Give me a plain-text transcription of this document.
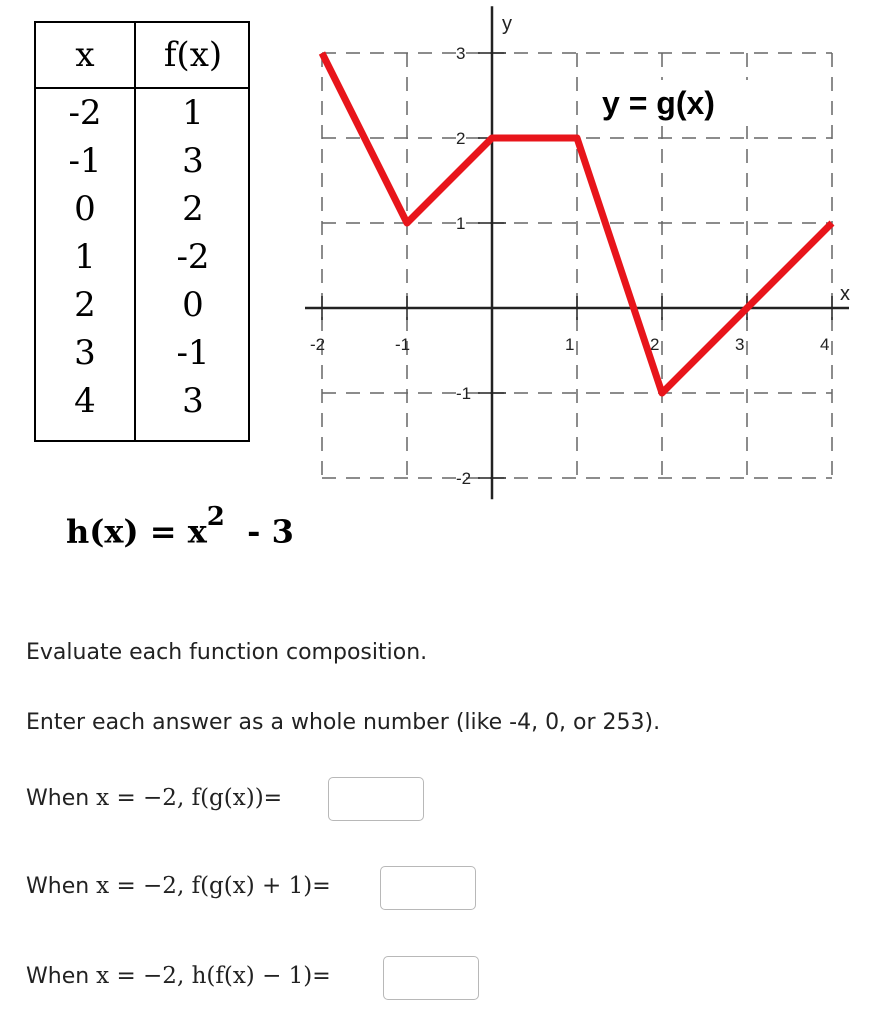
x	f(x)
-2	1
-1	3
0	2
1	-2
2	0
3	-1
4	3
-2	-1	1	2	3	4
3
2
1
-1
-2
y
x
y = g(x)
$h(x) = x^2 - 3$
Evaluate each function composition.
Enter each answer as a whole number (like -4, 0, or 253).
When x = −2, f(g(x))=
When x = −2, f(g(x) + 1)=
When x = −2, h(f(x) − 1)=
